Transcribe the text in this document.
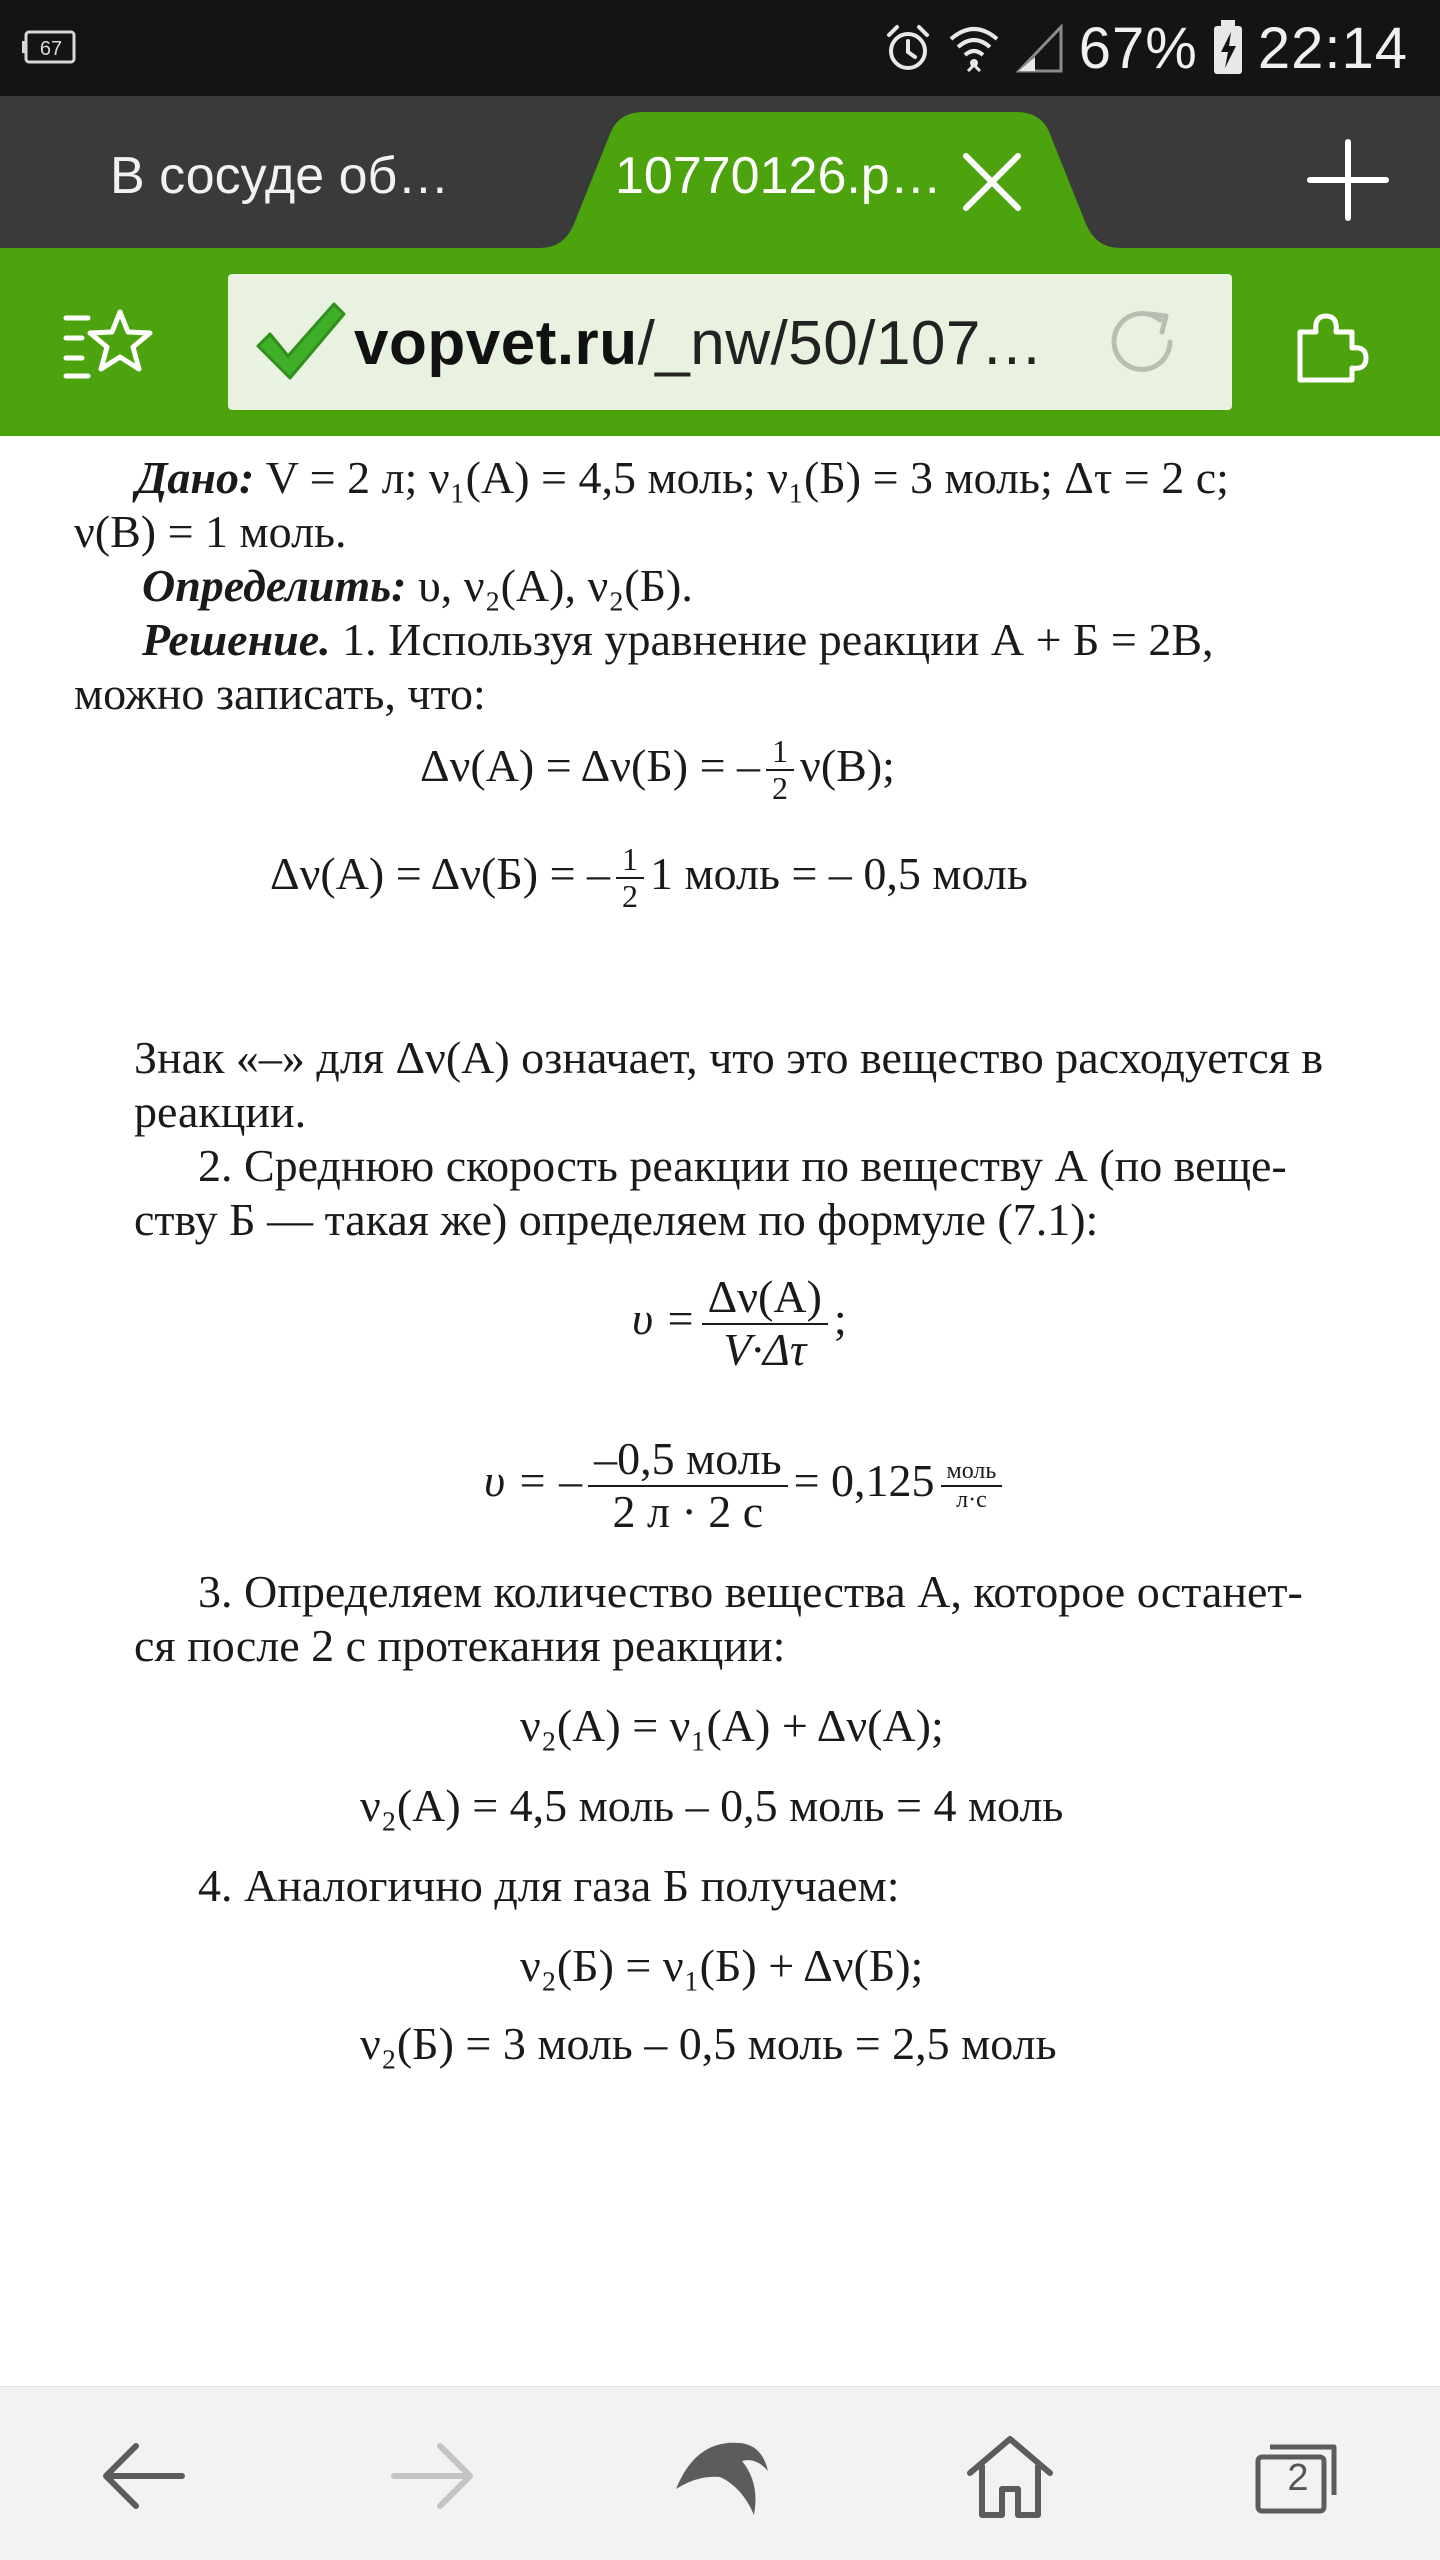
67	67% 22:14
В сосуде об…	10770126.p…
vopvet.ru/_nw/50/107…
Дано: V = 2 л; ν₁(А) = 4,5 моль; ν₁(Б) = 3 моль; Δτ = 2 с;
ν(В) = 1 моль.
Определить: υ, ν₂(А), ν₂(Б).
Решение. 1. Используя уравнение реакции А + Б = 2В,
можно записать, что:
Δν(А) = Δν(Б) = – $\frac{1}{2} \nu(В)$;
Δν(А) = Δν(Б) = – $\frac{1}{2} 1$ моль = – 0,5 моль
Знак «–» для Δν(А) означает, что это вещество расходуется в
реакции.
2. Среднюю скорость реакции по веществу А (по веще-
ству Б — такая же) определяем по формуле (7.1):
$\upsilon = \frac{\Delta\nu(А)}{V\cdot\Delta\tau}$ ;
υ = – $\frac{\text{–0,5 моль}}{2 л \cdot 2 с} = 0,125 \frac{\text{моль}}{л\cdot с}$
3. Определяем количество вещества А, которое останет-
ся после 2 с протекания реакции:
ν₂(А) = ν₁(А) + Δν(А);
ν₂(А) = 4,5 моль – 0,5 моль = 4 моль
4. Аналогично для газа Б получаем:
ν₂(Б) = ν₁(Б) + Δν(Б);
ν₂(Б) = 3 моль – 0,5 моль = 2,5 моль
2
